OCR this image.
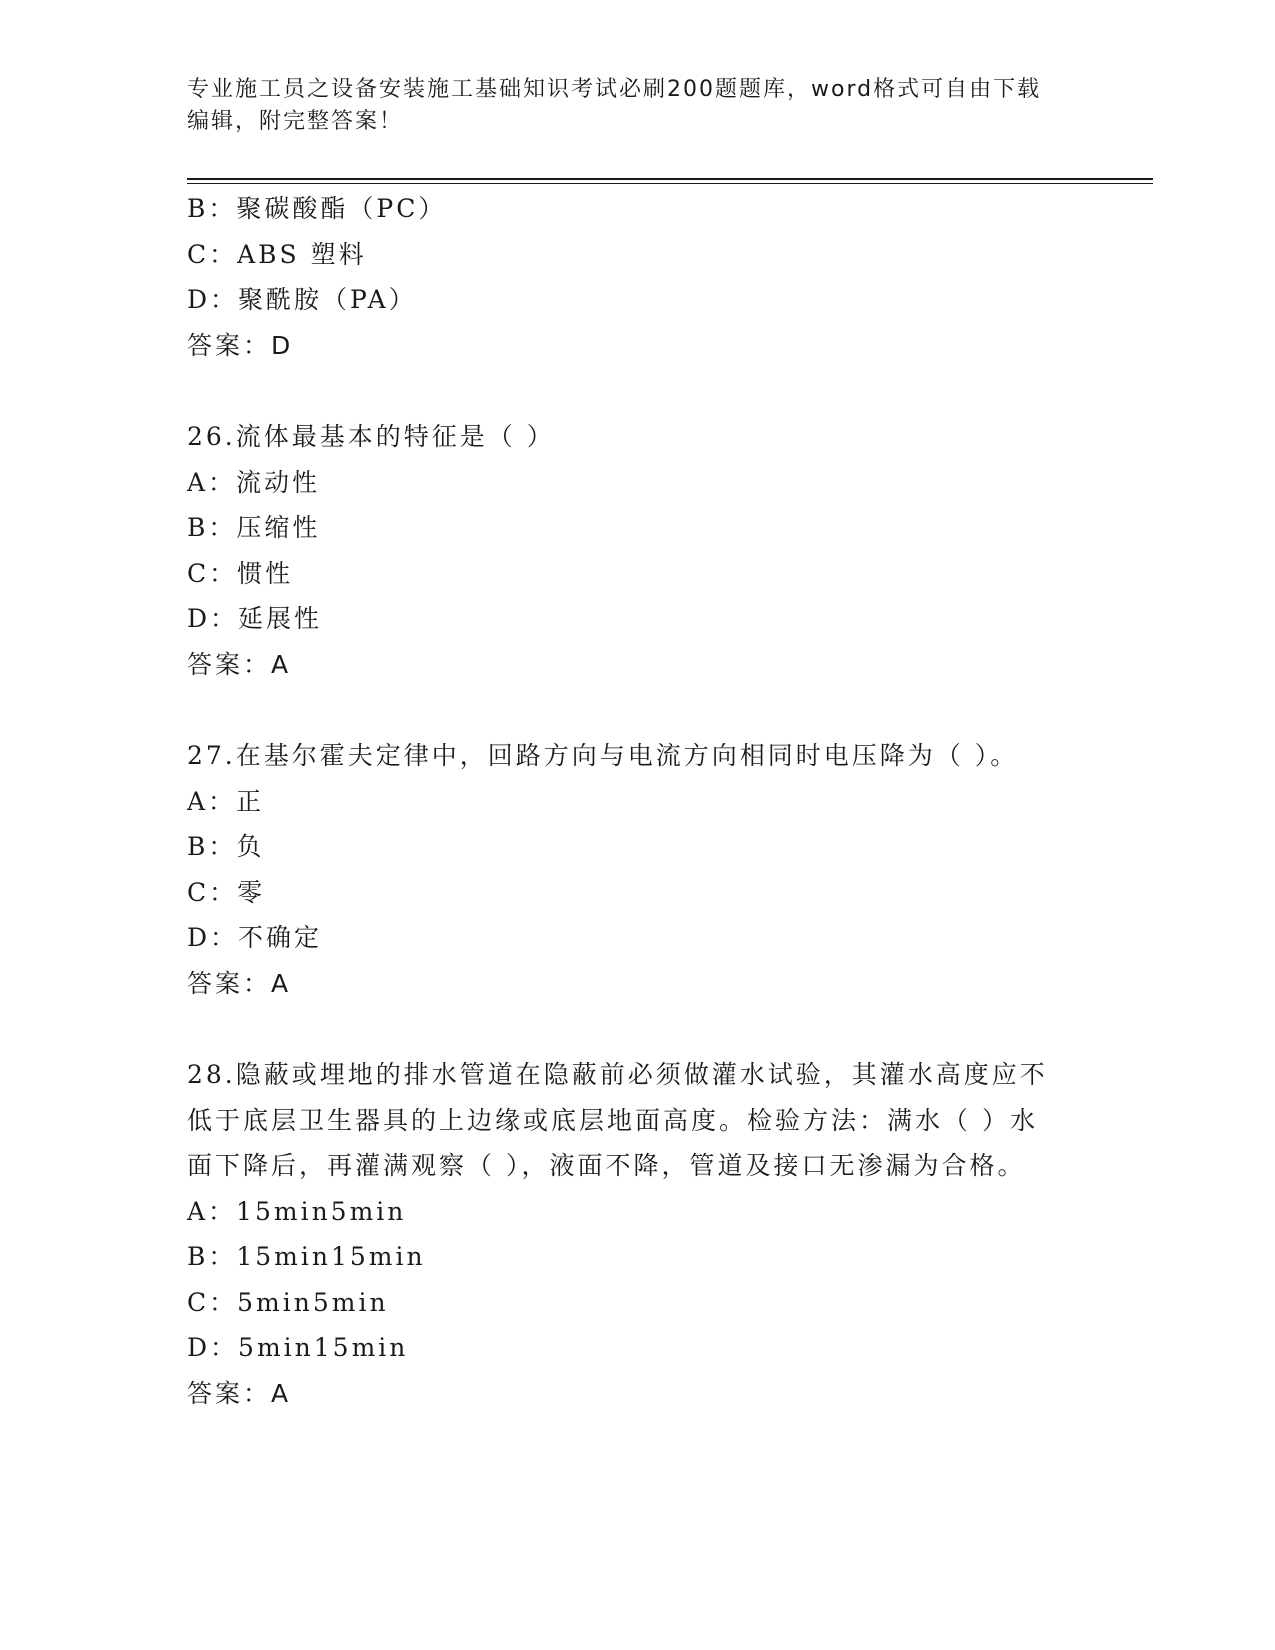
专业施工员之设备安装施工基础知识考试必刷200题题库，word格式可自由下载
编辑，附完整答案！
B：聚碳酸酯（PC）
C：ABS 塑料
D：聚酰胺（PA）
答案：D
26.流体最基本的特征是（ ）
A：流动性
B：压缩性
C：惯性
D：延展性
答案：A
27.在基尔霍夫定律中，回路方向与电流方向相同时电压降为（ ）。
A：正
B：负
C：零
D：不确定
答案：A
28.隐蔽或埋地的排水管道在隐蔽前必须做灌水试验，其灌水高度应不
低于底层卫生器具的上边缘或底层地面高度。检验方法：满水（ ）水
面下降后，再灌满观察（ ），液面不降，管道及接口无渗漏为合格。
A：15min5min
B：15min15min
C：5min5min
D：5min15min
答案：A
